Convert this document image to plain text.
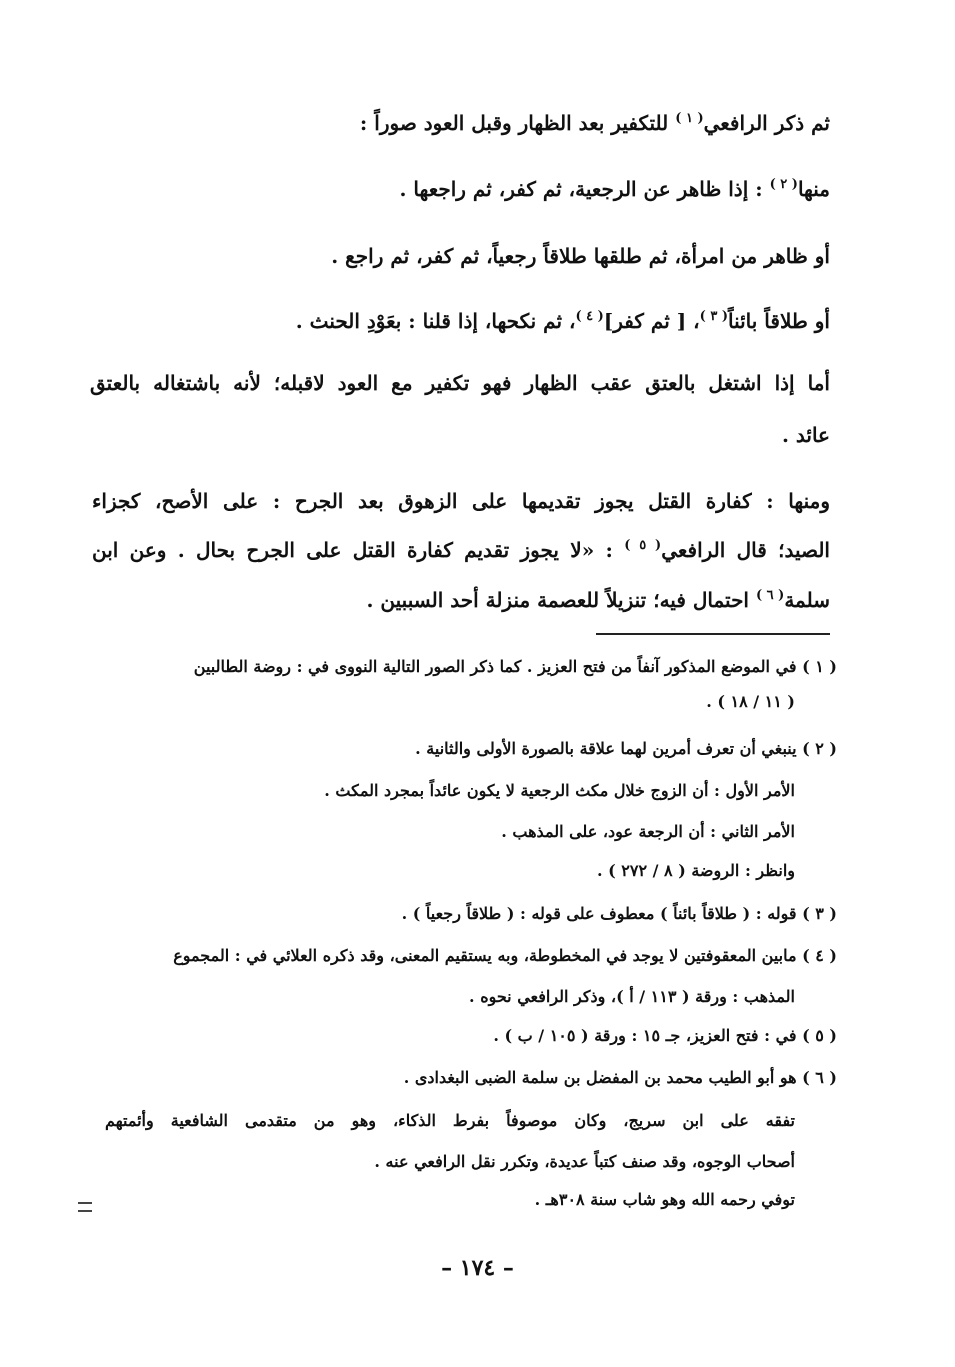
ثم ذكر الرافعي$^{( ١ )}$ للتكفير بعد الظهار وقبل العود صوراً :
منها$^{( ٢ )}$ : إذا ظاهر عن الرجعية، ثم كفر، ثم راجعها .
أو ظاهر من امرأة، ثم طلقها طلاقاً رجعياً، ثم كفر، ثم راجع .
أو طلاقاً بائناً$^{( ٣ )}$، [ ثم كفر]$^{( ٤ )}$، ثم نكحها، إذا قلنا : بعَوْدِ الحنث .
أما إذا اشتغل بالعتق عقب الظهار فهو تكفير مع العود لاقبله؛ لأنه باشتغاله بالعتق
عائد .
ومنها : كفارة القتل يجوز تقديمها على الزهوق بعد الجرح : على الأصح، كجزاء
الصيد؛ قال الرافعي$^{( ٥ )}$ : «لا يجوز تقديم كفارة القتل على الجرح بحال . وعن ابن
سلمة$^{( ٦ )}$ احتمال فيه؛ تنزيلاً للعصمة منزلة أحد السببين .
( ١ ) في الموضع المذكور آنفاً من فتح العزيز . كما ذكر الصور التالية النووى في : روضة الطالبين
( ١١ / ١٨ ) .
( ٢ ) ينبغي أن تعرف أمرين لهما علاقة بالصورة الأولى والثانية .
الأمر الأول : أن الزوج خلال مكث الرجعية لا يكون عائداً بمجرد المكث .
الأمر الثاني : أن الرجعة عود، على المذهب .
وانظر : الروضة ( ٨ / ٢٧٢ ) .
( ٣ ) قوله : ( طلاقاً بائناً ) معطوف على قوله : ( طلاقاً رجعياً ) .
( ٤ ) مابين المعقوفتين لا يوجد في المخطوطة، وبه يستقيم المعنى، وقد ذكره العلائي في : المجموع
المذهب : ورقة ( ١١٣ / أ )، وذكر الرافعي نحوه .
( ٥ ) في : فتح العزيز، جـ ١٥ : ورقة ( ١٠٥ / ب ) .
( ٦ ) هو أبو الطيب محمد بن المفضل بن سلمة الضبى البغدادى .
تفقه على ابن سريج، وكان موصوفاً بفرط الذكاء، وهو من متقدمى الشافعية وأئمتهم
أصحاب الوجوه، وقد صنف كتباً عديدة، وتكرر نقل الرافعي عنه .
توفي رحمه الله وهو شاب سنة ٣٠٨هـ .
– ١٧٤ –
